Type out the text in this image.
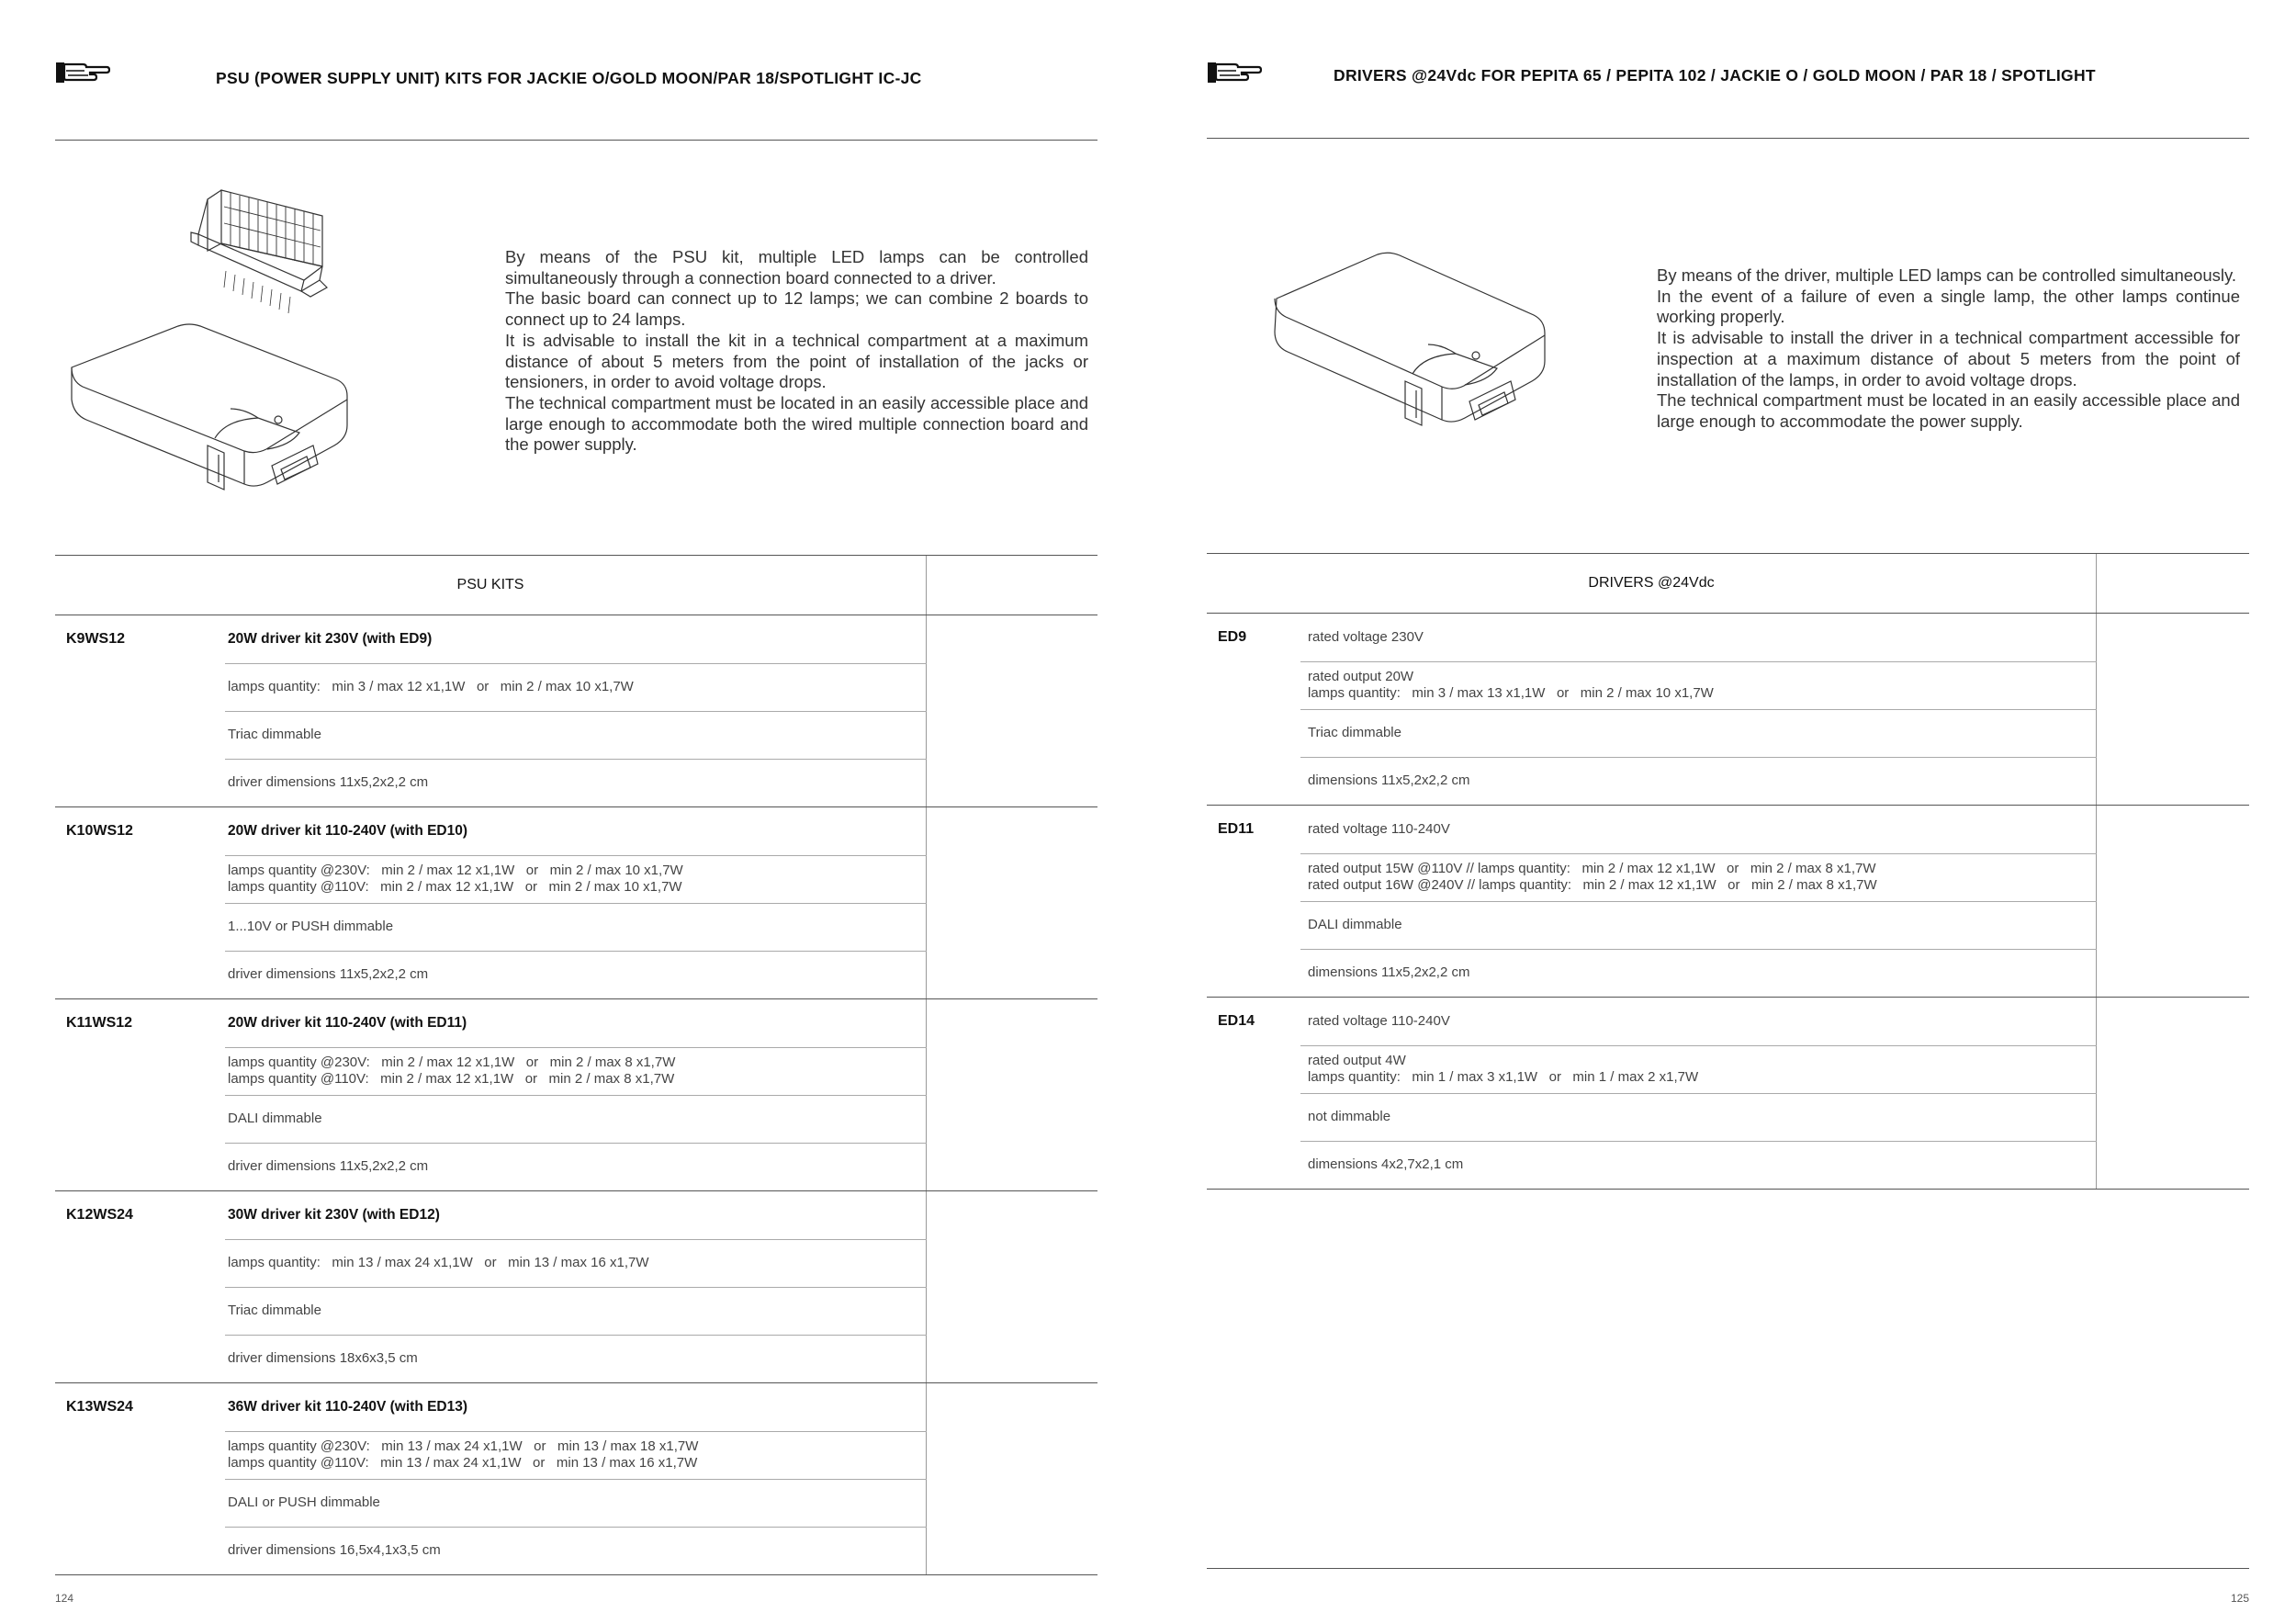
PSU (POWER SUPPLY UNIT) KITS FOR JACKIE O/GOLD MOON/PAR 18/SPOTLIGHT IC-JC

By means of the PSU kit, multiple LED lamps can be controlled simultaneously through a connection board connected to a driver.

The basic board can connect up to 12 lamps; we can combine 2 boards to connect up to 24 lamps.

It is advisable to install the kit in a technical compartment at a maximum distance of about 5 meters from the point of installation of the jacks or tensioners, in order to avoid voltage drops.

The technical compartment must be located in an easily accessible place and large enough to accommodate both the wired multiple connection board and the power supply.

PSU KITS
K9WS12	20W driver kit 230V (with ED9)
lamps quantity:   min 3 / max 12 x1,1W   or   min 2 / max 10 x1,7W
Triac dimmable
driver dimensions 11x5,2x2,2 cm
K10WS12	20W driver kit 110-240V (with ED10)
lamps quantity @230V:   min 2 / max 12 x1,1W   or   min 2 / max 10 x1,7W
lamps quantity @110V:   min 2 / max 12 x1,1W   or   min 2 / max 10 x1,7W
1...10V or PUSH dimmable
driver dimensions 11x5,2x2,2 cm
K11WS12	20W driver kit 110-240V (with ED11)
lamps quantity @230V:   min 2 / max 12 x1,1W   or   min 2 / max 8 x1,7W
lamps quantity @110V:   min 2 / max 12 x1,1W   or   min 2 / max 8 x1,7W
DALI dimmable
driver dimensions 11x5,2x2,2 cm
K12WS24	30W driver kit 230V (with ED12)
lamps quantity:   min 13 / max 24 x1,1W   or   min 13 / max 16 x1,7W
Triac dimmable
driver dimensions 18x6x3,5 cm
K13WS24	36W driver kit 110-240V (with ED13)
lamps quantity @230V:   min 13 / max 24 x1,1W   or   min 13 / max 18 x1,7W
lamps quantity @110V:   min 13 / max 24 x1,1W   or   min 13 / max 16 x1,7W
DALI or PUSH dimmable
driver dimensions 16,5x4,1x3,5 cm
124
DRIVERS @24Vdc FOR PEPITA 65 / PEPITA 102 / JACKIE O / GOLD MOON / PAR 18 / SPOTLIGHT

By means of the driver, multiple LED lamps can be controlled simultaneously.

In the event of a failure of even a single lamp, the other lamps continue working properly.

It is advisable to install the driver in a technical compartment accessible for inspection at a maximum distance of about 5 meters from the point of installation of the lamps, in order to avoid voltage drops.

The technical compartment must be located in an easily accessible place and large enough to accommodate the power supply.

DRIVERS @24Vdc
ED9	rated voltage 230V
rated output 20W
lamps quantity:   min 3 / max 13 x1,1W   or   min 2 / max 10 x1,7W
Triac dimmable
dimensions 11x5,2x2,2 cm
ED11	rated voltage 110-240V
rated output 15W @110V // lamps quantity:   min 2 / max 12 x1,1W   or   min 2 / max 8 x1,7W
rated output 16W @240V // lamps quantity:   min 2 / max 12 x1,1W   or   min 2 / max 8 x1,7W
DALI dimmable
dimensions 11x5,2x2,2 cm
ED14	rated voltage 110-240V
rated output 4W
lamps quantity:   min 1 / max 3 x1,1W   or   min 1 / max 2 x1,7W
not dimmable
dimensions 4x2,7x2,1 cm
125
